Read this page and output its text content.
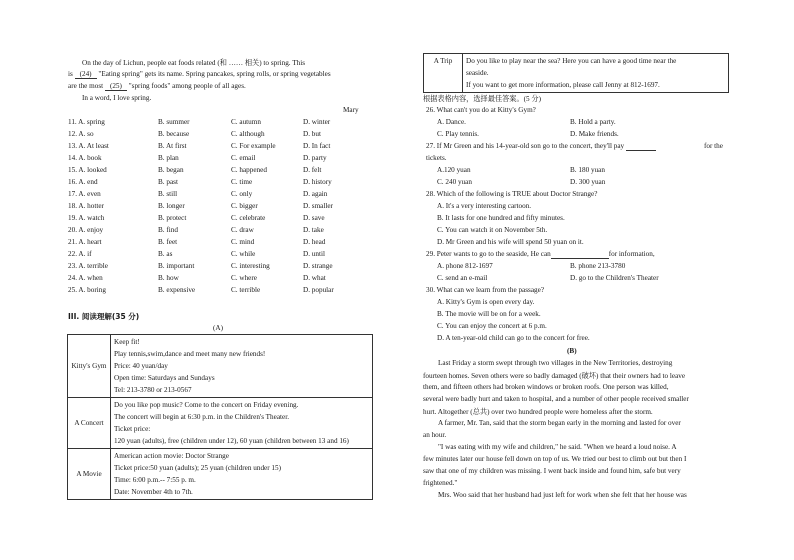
On the day of Lichun, people eat foods related (和 …… 相关) to spring. This
is (24) "Eating spring" gets its name. Spring pancakes, spring rolls, or spring vegetables
are the most (25) "spring foods" among people of all ages.
In a word, I love spring.
Mary
11. A. spring	B. summer	C. autumn	D. winter
12. A. so	B. because	C. although	D. but
13. A. At least	B. At first	C. For example	D. In fact
14. A. book	B. plan	C. email	D. party
15. A. looked	B. began	C. happened	D. felt
16. A. end	B. past	C. time	D. history
17. A. even	B. still	C. only	D. again
18. A. hotter	B. longer	C. bigger	D. smaller
19. A. watch	B. protect	C. celebrate	D. save
20. A. enjoy	B. find	C. draw	D. take
21. A. heart	B. feet	C. mind	D. head
22. A. if	B. as	C. while	D. until
23. A. terrible	B. important	C. interesting	D. strange
24. A. when	B. how	C. where	D. what
25. A. boring	B. expensive	C. terrible	D. popular
III. 阅读理解(35 分)
(A)
Kitty's Gym	Keep fit!
Play tennis,swim,dance and meet many new friends!
Price: 40 yuan/day
Open time: Saturdays and Sundays
Tel: 213-3780 or 213-0567

A Concert	Do you like pop music? Come to the concert on Friday evening.
The concert will begin at 6:30 p.m. in the Children's Theater.
Ticket price:
120 yuan (adults), free (children under 12), 60 yuan (children between 13 and 16)

A Movie	American action movie: Doctor Strange
Ticket price:50 yuan (adults); 25 yuan (children under 15)
Time: 6:00 p.m.-- 7:55 p. m.
Date: November 4th to 7th.
A Trip	Do you like to play near the sea? Here you can have a good time near the
seaside.
If you want to get more information, please call Jenny at 812-1697.
根据表格内容，选择最佳答案。(5 分)
26. What can't you do at Kitty's Gym?
A. Dance.	B. Hold a party.
C. Play tennis.	D. Make friends.
27. If Mr Green and his 14-year-old son go to the concert, they'll pay	for the
tickets.
A.120 yuan	B. 180 yuan
C. 240 yuan	D. 300 yuan
28. Which of the following is TRUE about Doctor Strange?
A. It's a very interesting cartoon.
B. It lasts for one hundred and fifty minutes.
C. You can watch it on November 5th.
D. Mr Green and his wife will spend 50 yuan on it.
29. Peter wants to go to the seaside, He can	for information,
A. phone 812-1697	B. phone 213-3780
C. send an e-mail	D. go to the Children's Theater
30. What can we learn from the passage?
A. Kitty's Gym is open every day.
B. The movie will be on for a week.
C. You can enjoy the concert at 6 p.m.
D. A ten-year-old child can go to the concert for free.
(B)
Last Friday a storm swept through two villages in the New Territories, destroying
fourteen homes. Seven others were so badly damaged (破坏) that their owners had to leave
them, and fifteen others had broken windows or broken roofs. One person was killed,
several were badly hurt and taken to hospital, and a number of other people received smaller
hurt. Altogether (总共) over two hundred people were homeless after the storm.
A farmer, Mr. Tan, said that the storm began early in the morning and lasted for over
an hour.
"I was eating with my wife and children," he said. "When we heard a loud noise. A
few minutes later our house fell down on top of us. We tried our best to climb out but then I
saw that one of my children was missing. I went back inside and found him, safe but very
frightened."
Mrs. Woo said that her husband had just left for work when she felt that her house was
